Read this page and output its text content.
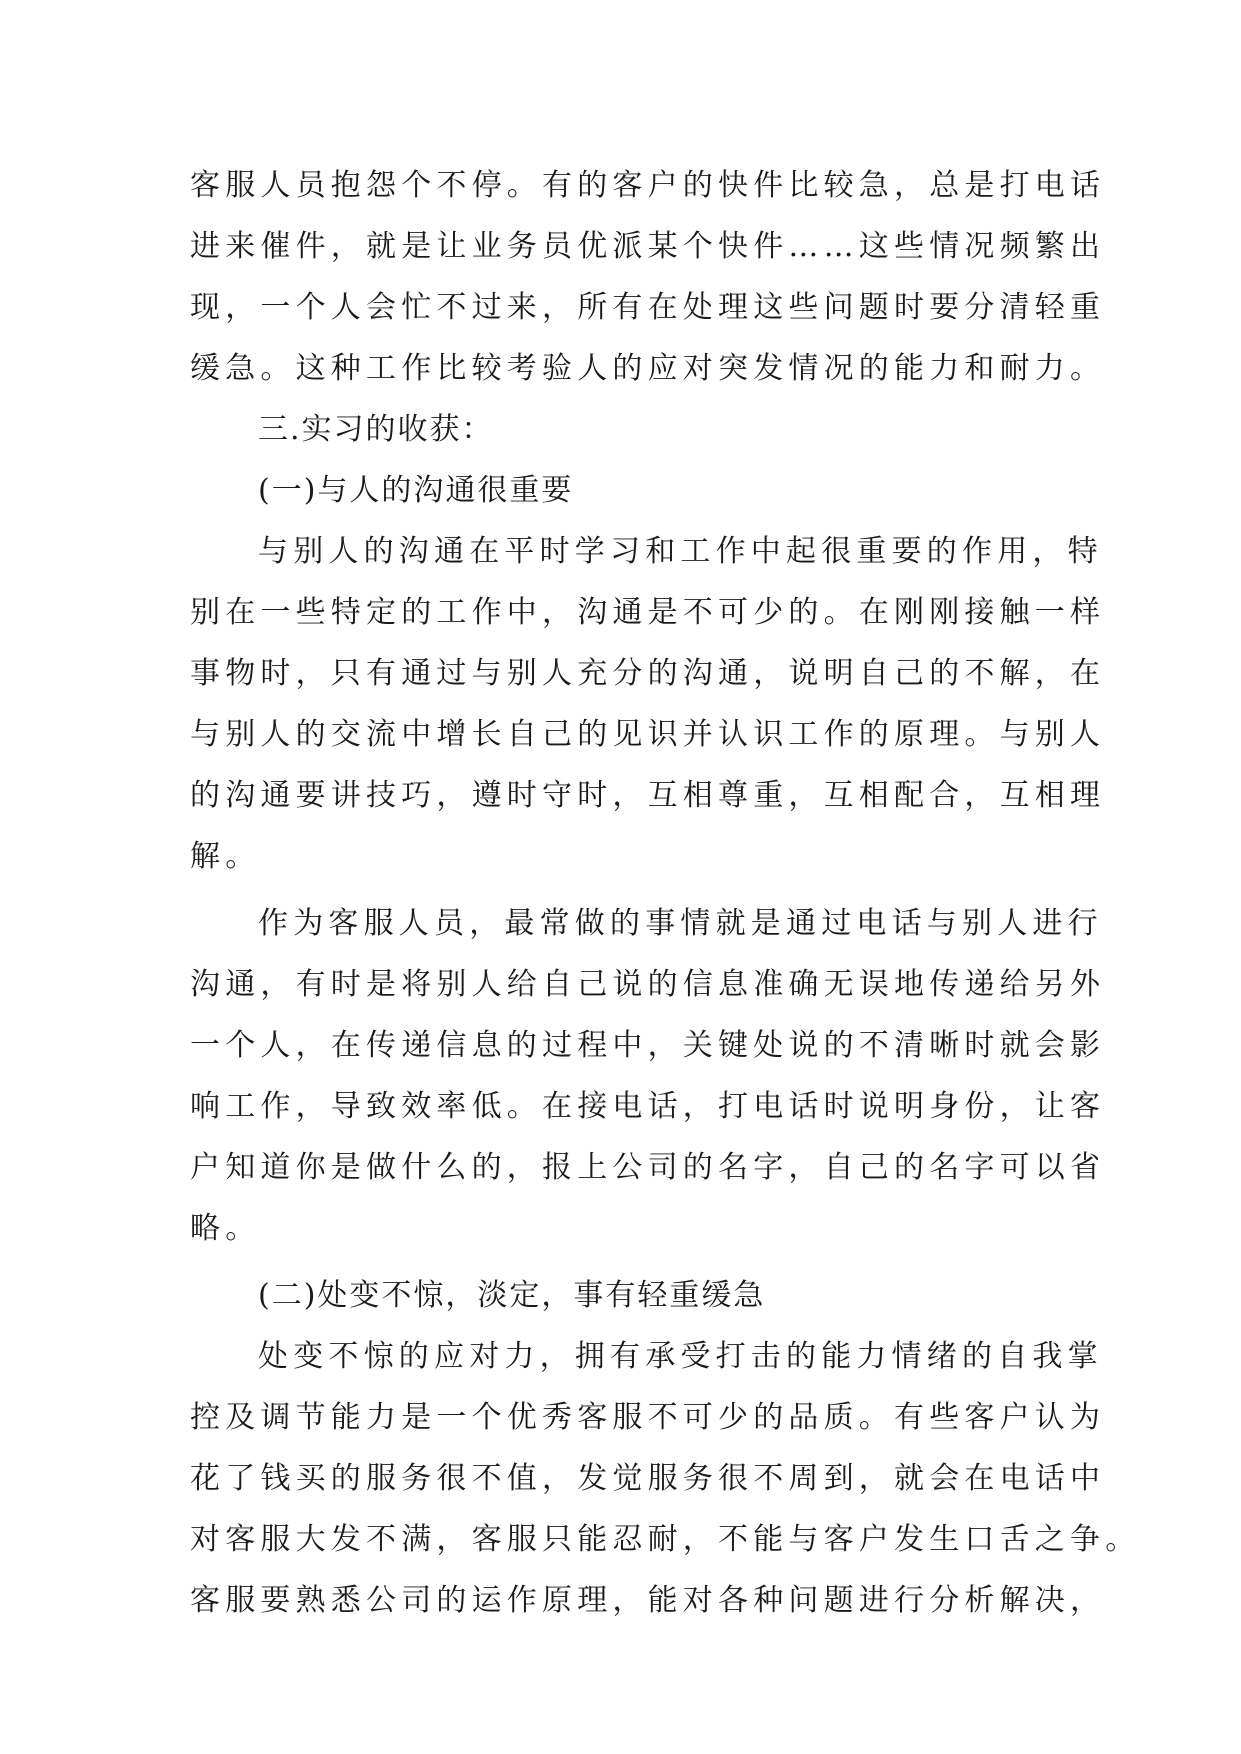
客服人员抱怨个不停。有的客户的快件比较急，总是打电话
进来催件，就是让业务员优派某个快件……这些情况频繁出
现，一个人会忙不过来，所有在处理这些问题时要分清轻重
缓急。这种工作比较考验人的应对突发情况的能力和耐力。
三.实习的收获：
(一)与人的沟通很重要
与别人的沟通在平时学习和工作中起很重要的作用，特
别在一些特定的工作中，沟通是不可少的。在刚刚接触一样
事物时，只有通过与别人充分的沟通，说明自己的不解，在
与别人的交流中增长自己的见识并认识工作的原理。与别人
的沟通要讲技巧，遵时守时，互相尊重，互相配合，互相理
解。
作为客服人员，最常做的事情就是通过电话与别人进行
沟通，有时是将别人给自己说的信息准确无误地传递给另外
一个人，在传递信息的过程中，关键处说的不清晰时就会影
响工作，导致效率低。在接电话，打电话时说明身份，让客
户知道你是做什么的，报上公司的名字，自己的名字可以省
略。
(二)处变不惊，淡定，事有轻重缓急
处变不惊的应对力，拥有承受打击的能力情绪的自我掌
控及调节能力是一个优秀客服不可少的品质。有些客户认为
花了钱买的服务很不值，发觉服务很不周到，就会在电话中
对客服大发不满，客服只能忍耐，不能与客户发生口舌之争。
客服要熟悉公司的运作原理，能对各种问题进行分析解决，
